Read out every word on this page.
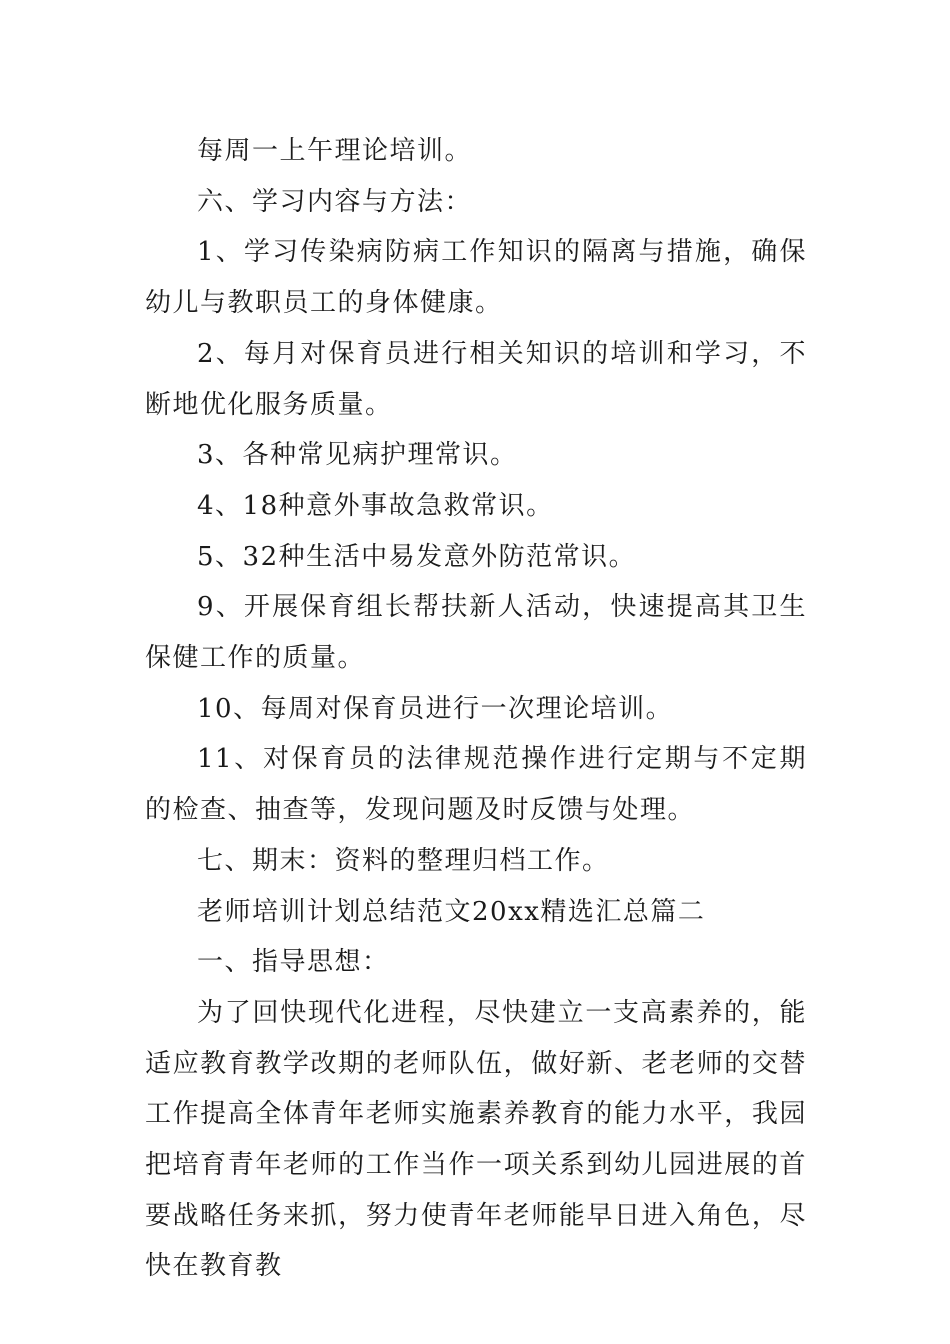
每周一上午理论培训。

六、学习内容与方法：

1、学习传染病防病工作知识的隔离与措施，确保幼儿与教职员工的身体健康。

2、每月对保育员进行相关知识的培训和学习，不断地优化服务质量。

3、各种常见病护理常识。

4、18种意外事故急救常识。

5、32种生活中易发意外防范常识。

9、开展保育组长帮扶新人活动，快速提高其卫生保健工作的质量。

10、每周对保育员进行一次理论培训。

11、对保育员的法律规范操作进行定期与不定期的检查、抽查等，发现问题及时反馈与处理。

七、期末：资料的整理归档工作。

老师培训计划总结范文20xx精选汇总篇二

一、指导思想：

为了回快现代化进程，尽快建立一支高素养的，能适应教育教学改期的老师队伍，做好新、老老师的交替工作提高全体青年老师实施素养教育的能力水平，我园把培育青年老师的工作当作一项关系到幼儿园进展的首要战略任务来抓，努力使青年老师能早日进入角色，尽快在教育教
